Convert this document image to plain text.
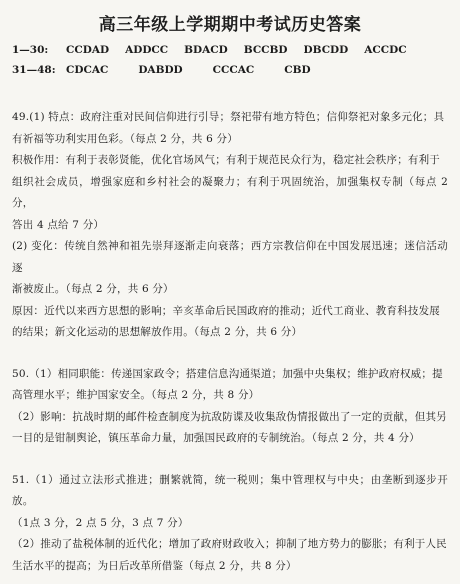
高三年级上学期期中考试历史答案
1—30:	CCDAD ADDCC BDACD BCCBD DBCDD ACCDC
31—48: CDCAC	DABDD	CCCAC	CBD

49.(1) 特点：政府注重对民间信仰进行引导；祭祀带有地方特色；信仰祭祀对象多元化；具

有祈福等功利实用色彩。（每点 2 分，共 6 分）

积极作用：有利于表彰贤能，优化官场风气；有利于规范民众行为，稳定社会秩序；有利于

组织社会成员，增强家庭和乡村社会的凝聚力；有利于巩固统治，加强集权专制（每点 2 分，

答出 4 点给 7 分）

(2) 变化：传统自然神和祖先崇拜逐渐走向衰落；西方宗教信仰在中国发展迅速；迷信活动逐

渐被废止。（每点 2 分，共 6 分）

原因：近代以来西方思想的影响；辛亥革命后民国政府的推动；近代工商业、教育科技发展

的结果；新文化运动的思想解放作用。（每点 2 分，共 6 分）

50.（1）相同职能：传递国家政令；搭建信息沟通渠道；加强中央集权；维护政府权威；提

高管理水平；维护国家安全。（每点 2 分，共 8 分）

（2）影响：抗战时期的邮件检查制度为抗敌防谍及收集敌伪情报做出了一定的贡献，但其另

一目的是钳制舆论，镇压革命力量，加强国民政府的专制统治。（每点 2 分，共 4 分）

51.（1）通过立法形式推进；删繁就简，统一税则；集中管理权与中央；由垄断到逐步开放。

（1点 3 分，2 点 5 分，3 点 7 分）

（2）推动了盐税体制的近代化；增加了政府财政收入；抑制了地方势力的膨胀；有利于人民

生活水平的提高；为日后改革所借鉴（每点 2 分，共 8 分）
